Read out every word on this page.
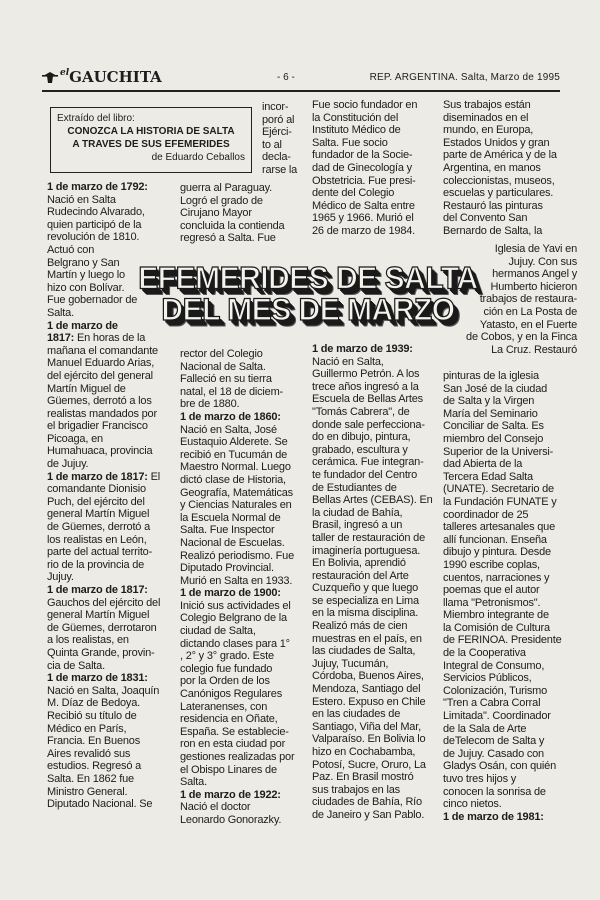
$^{el}$GAUCHITA	- 6 -	REP. ARGENTINA. Salta, Marzo de 1995
Extraído del libro:
CONOZCA LA HISTORIA DE SALTA
A TRAVES DE SUS EFEMERIDES
de Eduardo Ceballos
EFEMERIDES DE SALTA
DEL MES DE MARZO

1 de marzo de 1792:

Nació en Salta

Rudecindo Alvarado,

quien participó de la

revolución de 1810.

Actuó con

Belgrano y San

Martín y luego lo

hizo con Bolívar.

Fue gobernador de

Salta.

1 de marzo de

1817: En horas de la

mañana el comandante

Manuel Eduardo Arias,

del ejército del general

Martín Miguel de

Güemes, derrotó a los

realistas mandados por

el brigadier Francisco

Picoaga, en

Humahuaca, provincia

de Jujuy.

1 de marzo de 1817: El

comandante Dionisio

Puch, del ejército del

general Martín Miguel

de Güemes, derrotó a

los realistas en León,

parte del actual territo-

rio de la provincia de

Jujuy.

1 de marzo de 1817:

Gauchos del ejército del

general Martín Miguel

de Güemes, derrotaron

a los realistas, en

Quinta Grande, provin-

cia de Salta.

1 de marzo de 1831:

Nació en Salta, Joaquín

M. Díaz de Bedoya.

Recibió su título de

Médico en París,

Francia. En Buenos

Aires revalidó sus

estudios. Regresó a

Salta. En 1862 fue

Ministro General.

Diputado Nacional. Se

incor-

poró al

Ejérci-

to al

decla-

rarse la

guerra al Paraguay.

Logró el grado de

Cirujano Mayor

concluida la contienda

regresó a Salta. Fue

rector del Colegio

Nacional de Salta.

Falleció en su tierra

natal, el 18 de diciem-

bre de 1880.

1 de marzo de 1860:

Nació en Salta, José

Eustaquio Alderete. Se

recibió en Tucumán de

Maestro Normal. Luego

dictó clase de Historia,

Geografía, Matemáticas

y Ciencias Naturales en

la Escuela Normal de

Salta. Fue Inspector

Nacional de Escuelas.

Realizó periodismo. Fue

Diputado Provincial.

Murió en Salta en 1933.

1 de marzo de 1900:

Inició sus actividades el

Colegio Belgrano de la

ciudad de Salta,

dictando clases para 1°

, 2° y 3° grado. Este

colegio fue fundado

por la Orden de los

Canónigos Regulares

Lateranenses, con

residencia en Oñate,

España. Se establecie-

ron en esta ciudad por

gestiones realizadas por

el Obispo Linares de

Salta.

1 de marzo de 1922:

Nació el doctor

Leonardo Gonorazky.

Fue socio fundador en

la Constitución del

Instituto Médico de

Salta. Fue socio

fundador de la Socie-

dad de Ginecología y

Obstetricia. Fue presi-

dente del Colegio

Médico de Salta entre

1965 y 1966. Murió el

26 de marzo de 1984.

1 de marzo de 1939:

Nació en Salta,

Guillermo Petrón. A los

trece años ingresó a la

Escuela de Bellas Artes

"Tomás Cabrera", de

donde sale perfecciona-

do en dibujo, pintura,

grabado, escultura y

cerámica. Fue integran-

te fundador del Centro

de Estudiantes de

Bellas Artes (CEBAS). En

la ciudad de Bahía,

Brasil, ingresó a un

taller de restauración de

imaginería portuguesa.

En Bolivia, aprendió

restauración del Arte

Cuzqueño y que luego

se especializa en Lima

en la misma disciplina.

Realizó más de cien

muestras en el país, en

las ciudades de Salta,

Jujuy, Tucumán,

Córdoba, Buenos Aires,

Mendoza, Santiago del

Estero. Expuso en Chile

en las ciudades de

Santiago, Viña del Mar,

Valparaíso. En Bolivia lo

hizo en Cochabamba,

Potosí, Sucre, Oruro, La

Paz. En Brasil mostró

sus trabajos en las

ciudades de Bahía, Río

de Janeiro y San Pablo.

Sus trabajos están

diseminados en el

mundo, en Europa,

Estados Unidos y gran

parte de América y de la

Argentina, en manos

coleccionistas, museos,

escuelas y particulares.

Restauró las pinturas

del Convento San

Bernardo de Salta, la

Iglesia de Yavi en

Jujuy. Con sus

hermanos Angel y

Humberto hicieron

trabajos de restaura-

ción en La Posta de

Yatasto, en el Fuerte

de Cobos, y en la Finca

La Cruz. Restauró

pinturas de la iglesia

San José de la ciudad

de Salta y la Virgen

María del Seminario

Conciliar de Salta. Es

miembro del Consejo

Superior de la Universi-

dad Abierta de la

Tercera Edad Salta

(UNATE). Secretario de

la Fundación FUNATE y

coordinador de 25

talleres artesanales que

allí funcionan. Enseña

dibujo y pintura. Desde

1990 escribe coplas,

cuentos, narraciones y

poemas que el autor

llama "Petronismos".

Miembro integrante de

la Comisión de Cultura

de FERINOA. Presidente

de la Cooperativa

Integral de Consumo,

Servicios Públicos,

Colonización, Turismo

"Tren a Cabra Corral

Limitada". Coordinador

de la Sala de Arte

deTelecom de Salta y

de Jujuy. Casado con

Gladys Osán, con quién

tuvo tres hijos y

conocen la sonrisa de

cinco nietos.

1 de marzo de 1981:
